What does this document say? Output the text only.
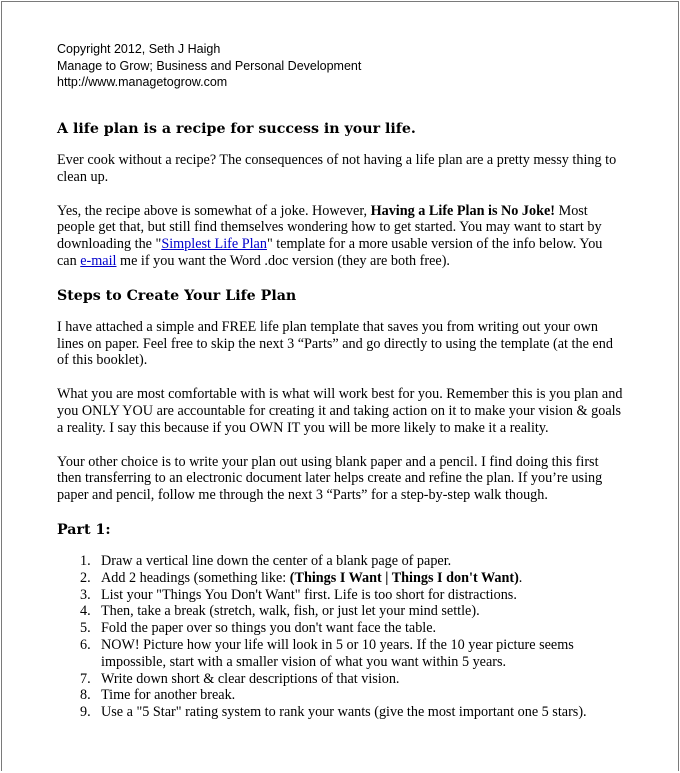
Copyright 2012, Seth J Haigh
Manage to Grow; Business and Personal Development
http://www.managetogrow.com
A life plan is a recipe for success in your life.

Ever cook without a recipe? The consequences of not having a life plan are a pretty messy thing to clean up.

Yes, the recipe above is somewhat of a joke. However, Having a Life Plan is No Joke! Most people get that, but still find themselves wondering how to get started. You may want to start by downloading the "Simplest Life Plan" template for a more usable version of the info below. You can e-mail me if you want the Word .doc version (they are both free).

Steps to Create Your Life Plan

I have attached a simple and FREE life plan template that saves you from writing out your own lines on paper. Feel free to skip the next 3 “Parts” and go directly to using the template (at the end of this booklet).

What you are most comfortable with is what will work best for you. Remember this is you plan and you ONLY YOU are accountable for creating it and taking action on it to make your vision & goals a reality. I say this because if you OWN IT you will be more likely to make it a reality.

Your other choice is to write your plan out using blank paper and a pencil. I find doing this first then transferring to an electronic document later helps create and refine the plan. If you’re using paper and pencil, follow me through the next 3 “Parts” for a step-by-step walk though.

Part 1:
1. Draw a vertical line down the center of a blank page of paper.
2. Add 2 headings (something like: (Things I Want | Things I don't Want).
3. List your "Things You Don't Want" first. Life is too short for distractions.
4. Then, take a break (stretch, walk, fish, or just let your mind settle).
5. Fold the paper over so things you don't want face the table.
6. NOW! Picture how your life will look in 5 or 10 years. If the 10 year picture seems impossible, start with a smaller vision of what you want within 5 years.
7. Write down short & clear descriptions of that vision.
8. Time for another break.
9. Use a "5 Star" rating system to rank your wants (give the most important one 5 stars).
